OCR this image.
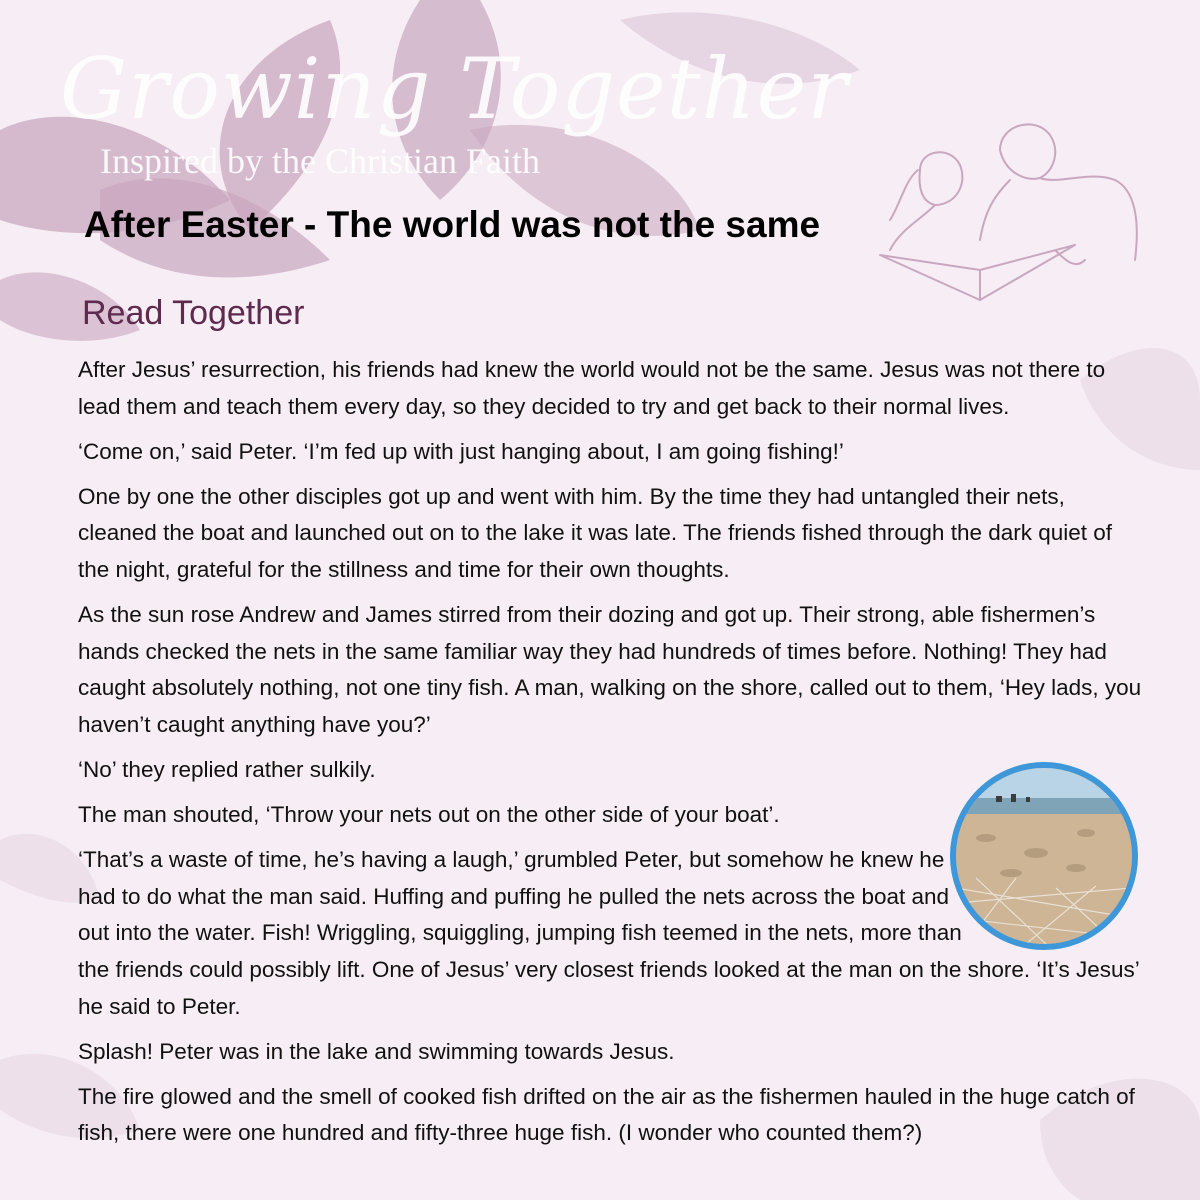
Growing Together
Inspired by the Christian Faith
After Easter - The world was not the same
Read Together

After Jesus’ resurrection, his friends had knew the world would not be the same. Jesus was not there to lead them and teach them every day, so they decided to try and get back to their normal lives.

‘Come on,’ said Peter. ‘I’m fed up with just hanging about, I am going fishing!’

One by one the other disciples got up and went with him. By the time they had untangled their nets, cleaned the boat and launched out on to the lake it was late. The friends fished through the dark quiet of the night, grateful for the stillness and time for their own thoughts.

As the sun rose Andrew and James stirred from their dozing and got up. Their strong, able fishermen’s hands checked the nets in the same familiar way they had hundreds of times before. Nothing! They had caught absolutely nothing, not one tiny fish. A man, walking on the shore, called out to them, ‘Hey lads, you haven’t caught anything have you?’

‘No’ they replied rather sulkily.

The man shouted, ‘Throw your nets out on the other side of your boat’.

‘That’s a waste of time, he’s having a laugh,’ grumbled Peter, but somehow he knew he had to do what the man said. Huffing and puffing he pulled the nets across the boat and out into the water. Fish! Wriggling, squiggling, jumping fish teemed in the nets, more than the friends could possibly lift. One of Jesus’ very closest friends looked at the man on the shore. ‘It’s Jesus’ he said to Peter.

Splash! Peter was in the lake and swimming towards Jesus.

The fire glowed and the smell of cooked fish drifted on the air as the fishermen hauled in the huge catch of fish, there were one hundred and fifty-three huge fish. (I wonder who counted them?)
